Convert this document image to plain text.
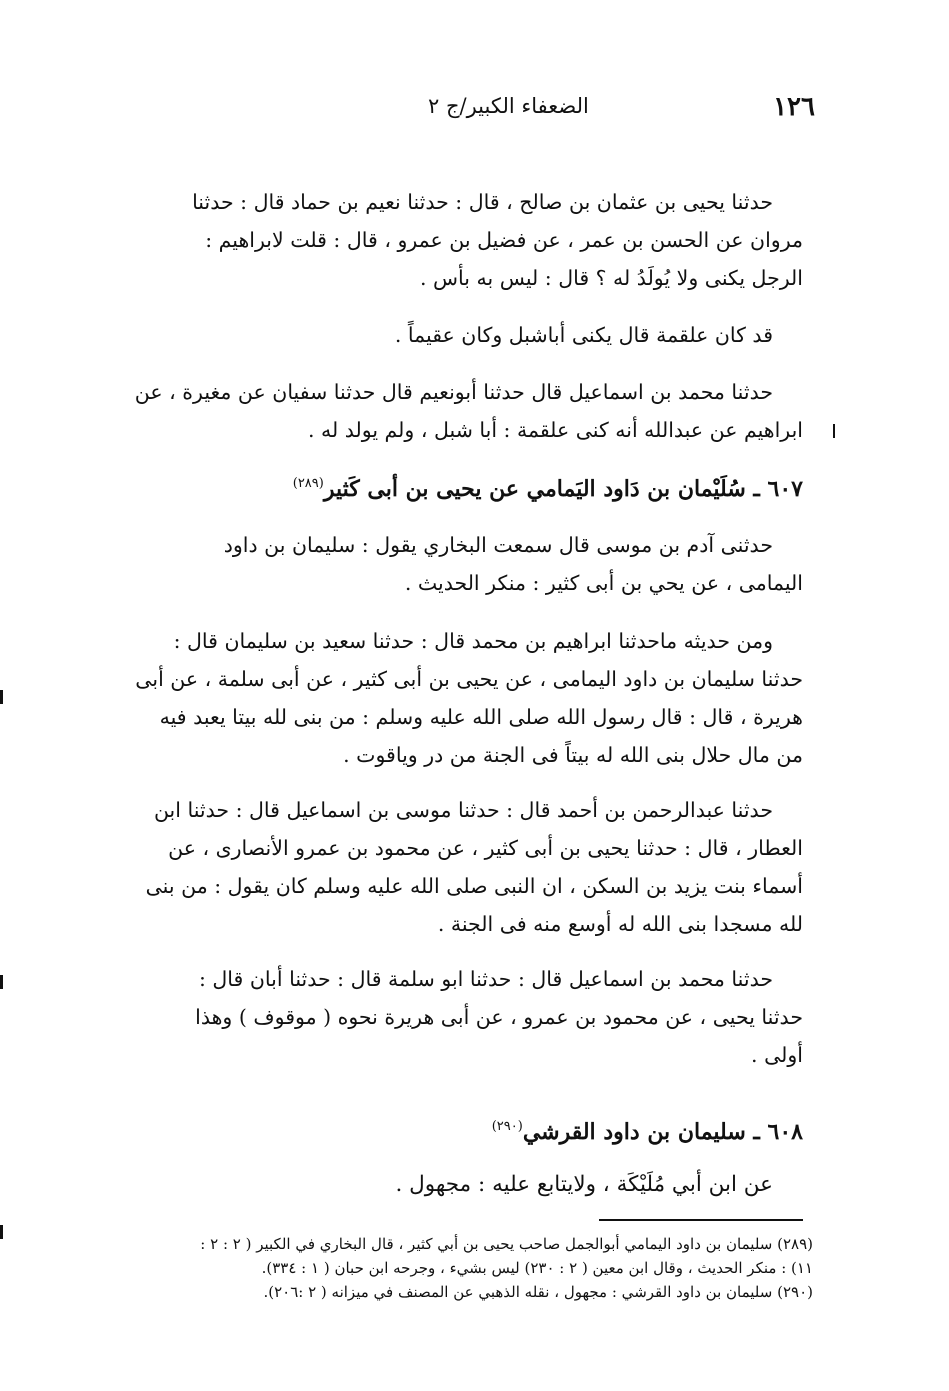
١٢٦
الضعفاء الكبير/ج ٢
حدثنا يحيى بن عثمان بن صالح ، قال : حدثنا نعيم بن حماد قال : حدثنا
مروان عن الحسن بن عمر ، عن فضيل بن عمرو ، قال : قلت لابراهيم :
الرجل يكنى ولا يُولَدُ له ؟ قال : ليس به بأس .
قد كان علقمة قال يكنى أباشبل وكان عقيماً .
حدثنا محمد بن اسماعيل قال حدثنا أبونعيم قال حدثنا سفيان عن مغيرة ، عن
ابراهيم عن عبدالله أنه كنى علقمة : أبا شبل ، ولم يولد له .
٦٠٧ ـ سُلَيْمان بن دَاود اليَمامي عن يحيى بن أبى كَثير$^{(٢٨٩)}$
حدثنى آدم بن موسى قال سمعت البخاري يقول : سليمان بن داود
اليمامى ، عن يحي بن أبى كثير : منكر الحديث .
ومن حديثه ماحدثنا ابراهيم بن محمد قال : حدثنا سعيد بن سليمان قال :
حدثنا سليمان بن داود اليمامى ، عن يحيى بن أبى كثير ، عن أبى سلمة ، عن أبى
هريرة ، قال : قال رسول الله صلى الله عليه وسلم : من بنى لله بيتا يعبد فيه
من مال حلال بنى الله له بيتاً فى الجنة من در وياقوت .
حدثنا عبدالرحمن بن أحمد قال : حدثنا موسى بن اسماعيل قال : حدثنا ابن
العطار ، قال : حدثنا يحيى بن أبى كثير ، عن محمود بن عمرو الأنصارى ، عن
أسماء بنت يزيد بن السكن ، ان النبى صلى الله عليه وسلم كان يقول : من بنى
لله مسجدا بنى الله له أوسع منه فى الجنة .
حدثنا محمد بن اسماعيل قال : حدثنا ابو سلمة قال : حدثنا أبان قال :
حدثنا يحيى ، عن محمود بن عمرو ، عن أبى هريرة نحوه ( موقوف ) وهذا
أولى .
٦٠٨ ـ سليمان بن داود القرشي$^{(٢٩٠)}$
عن ابن أبي مُلَيْكَة ، ولايتابع عليه : مجهول .
(٢٨٩) سليمان بن داود اليمامي أبوالجمل صاحب يحيى بن أبي كثير ، قال البخاري في الكبير ( ٢ : ٢ :
١١) : منكر الحديث ، وقال ابن معين ( ٢ : ٢٣٠) ليس بشيء ، وجرحه ابن حبان ( ١ : ٣٣٤).
(٢٩٠) سليمان بن داود القرشي : مجهول ، نقله الذهبي عن المصنف في ميزانه ( ٢ :٢٠٦).
